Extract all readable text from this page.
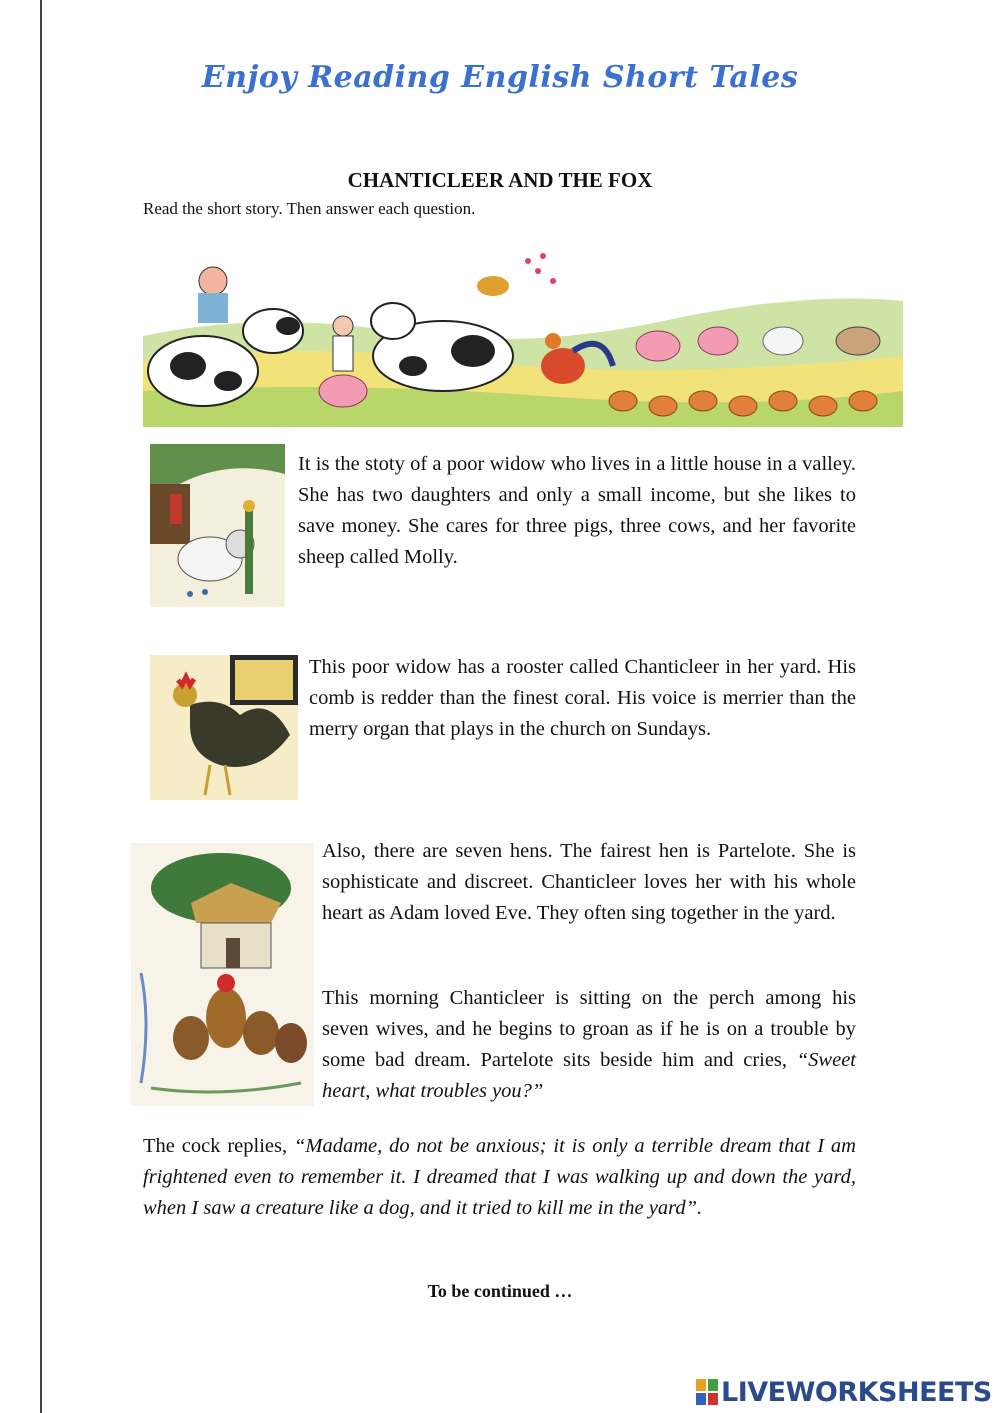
Enjoy Reading English Short Tales
CHANTICLEER AND THE FOX
Read the short story. Then answer each question.
It is the stoty of a poor widow who lives in a little house in a valley. She has two daughters and only a small income, but she likes to save money. She cares for three pigs, three cows, and her favorite sheep called Molly.
This poor widow has a rooster called Chanticleer in her yard. His comb is redder than the finest coral. His voice is merrier than the merry organ that plays in the church on Sundays.
Also, there are seven hens. The fairest hen is Partelote. She is sophisticate and discreet. Chanticleer loves her with his whole heart as Adam loved Eve. They often sing together in the yard.
This morning Chanticleer is sitting on the perch among his seven wives, and he begins to groan as if he is on a trouble by some bad dream. Partelote sits beside him and cries, “Sweet heart, what troubles you?”
The cock replies, “Madame, do not be anxious; it is only a terrible dream that I am frightened even to remember it. I dreamed that I was walking up and down the yard, when I saw a creature like a dog, and it tried to kill me in the yard”.
To be continued …
LIVEWORKSHEETS
